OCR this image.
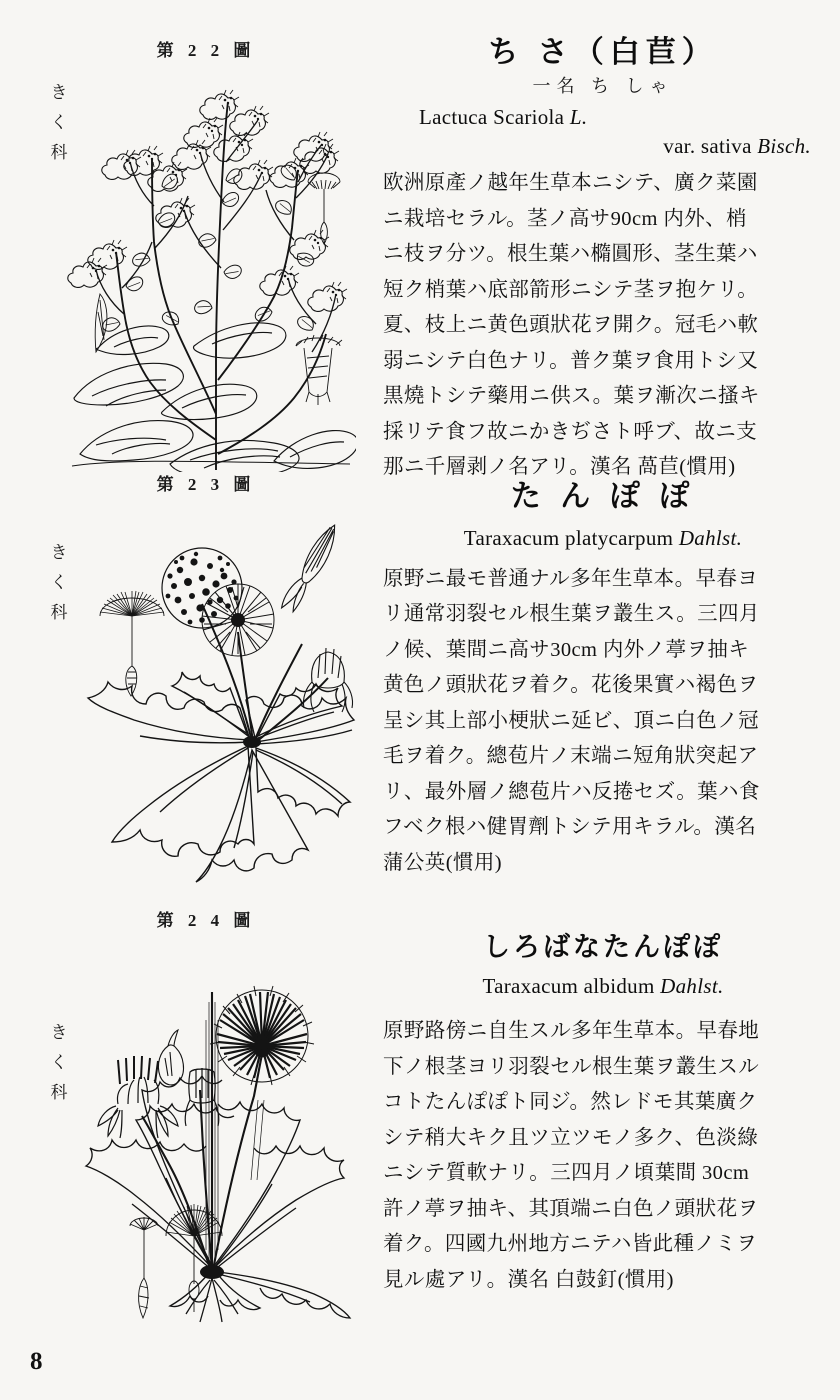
第 2 2 圖
き
く
科
ち さ（白苣）
一名 ち しゃ
Lactuca Scariola L.
var. sativa Bisch.
欧洲原產ノ越年生草本ニシテ、廣ク菜園
ニ栽培セラル。茎ノ高サ90cm 内外、梢
ニ枝ヲ分ツ。根生葉ハ橢圓形、茎生葉ハ
短ク梢葉ハ底部箭形ニシテ茎ヲ抱ケリ。
夏、枝上ニ黄色頭狀花ヲ開ク。冠毛ハ軟
弱ニシテ白色ナリ。普ク葉ヲ食用トシ又
黒燒トシテ藥用ニ供ス。葉ヲ漸次ニ搔キ
採リテ食フ故ニかきぢさト呼ブ、故ニ支
那ニ千層剥ノ名アリ。漢名 萵苣(慣用)
第 2 3 圖
き
く
科
た ん ぽ ぽ
Taraxacum platycarpum Dahlst.
原野ニ最モ普通ナル多年生草本。早春ヨ
リ通常羽裂セル根生葉ヲ叢生ス。三四月
ノ候、葉間ニ高サ30cm 内外ノ葶ヲ抽キ
黄色ノ頭狀花ヲ着ク。花後果實ハ褐色ヲ
呈シ其上部小梗狀ニ延ビ、頂ニ白色ノ冠
毛ヲ着ク。總苞片ノ末端ニ短角狀突起ア
リ、最外層ノ總苞片ハ反捲セズ。葉ハ食
フベク根ハ健胃劑トシテ用キラル。漢名
蒲公英(慣用)
第 2 4 圖
き
く
科
しろばなたんぽぽ
Taraxacum albidum Dahlst.
原野路傍ニ自生スル多年生草本。早春地
下ノ根茎ヨリ羽裂セル根生葉ヲ叢生スル
コトたんぽぽト同ジ。然レドモ其葉廣ク
シテ稍大キク且ツ立ツモノ多ク、色淡綠
ニシテ質軟ナリ。三四月ノ頃葉間 30cm
許ノ葶ヲ抽キ、其頂端ニ白色ノ頭狀花ヲ
着ク。四國九州地方ニテハ皆此種ノミヲ
見ル處アリ。漢名 白鼓釘(慣用)
8
